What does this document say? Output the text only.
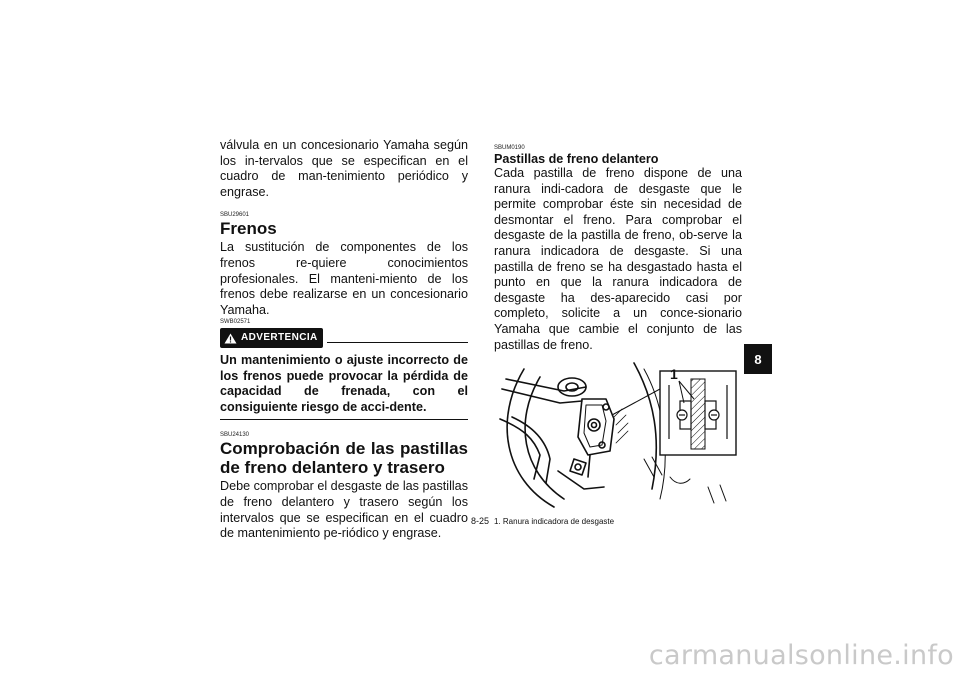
válvula en un concesionario Yamaha según los in-tervalos que se especifican en el cuadro de man-tenimiento periódico y engrase.

SBU29601

Frenos

La sustitución de componentes de los frenos re-quiere conocimientos profesionales. El manteni-miento de los frenos debe realizarse en un concesionario Yamaha.

SWB02571

ADVERTENCIA

Un mantenimiento o ajuste incorrecto de los frenos puede provocar la pérdida de capacidad de frenada, con el consiguiente riesgo de acci-dente.

SBU24130

Comprobación de las pastillas de freno delantero y trasero

Debe comprobar el desgaste de las pastillas de freno delantero y trasero según los intervalos que se especifican en el cuadro de mantenimiento pe-riódico y engrase.

SBUM0190

Pastillas de freno delantero

Cada pastilla de freno dispone de una ranura indi-cadora de desgaste que le permite comprobar éste sin necesidad de desmontar el freno. Para comprobar el desgaste de la pastilla de freno, ob-serve la ranura indicadora de desgaste. Si una pastilla de freno se ha desgastado hasta el punto en que la ranura indicadora de desgaste ha des-aparecido casi por completo, solicite a un conce-sionario Yamaha que cambie el conjunto de las pastillas de freno.

1
1. Ranura indicadora de desgaste
8
8-25
carmanualsonline.info
